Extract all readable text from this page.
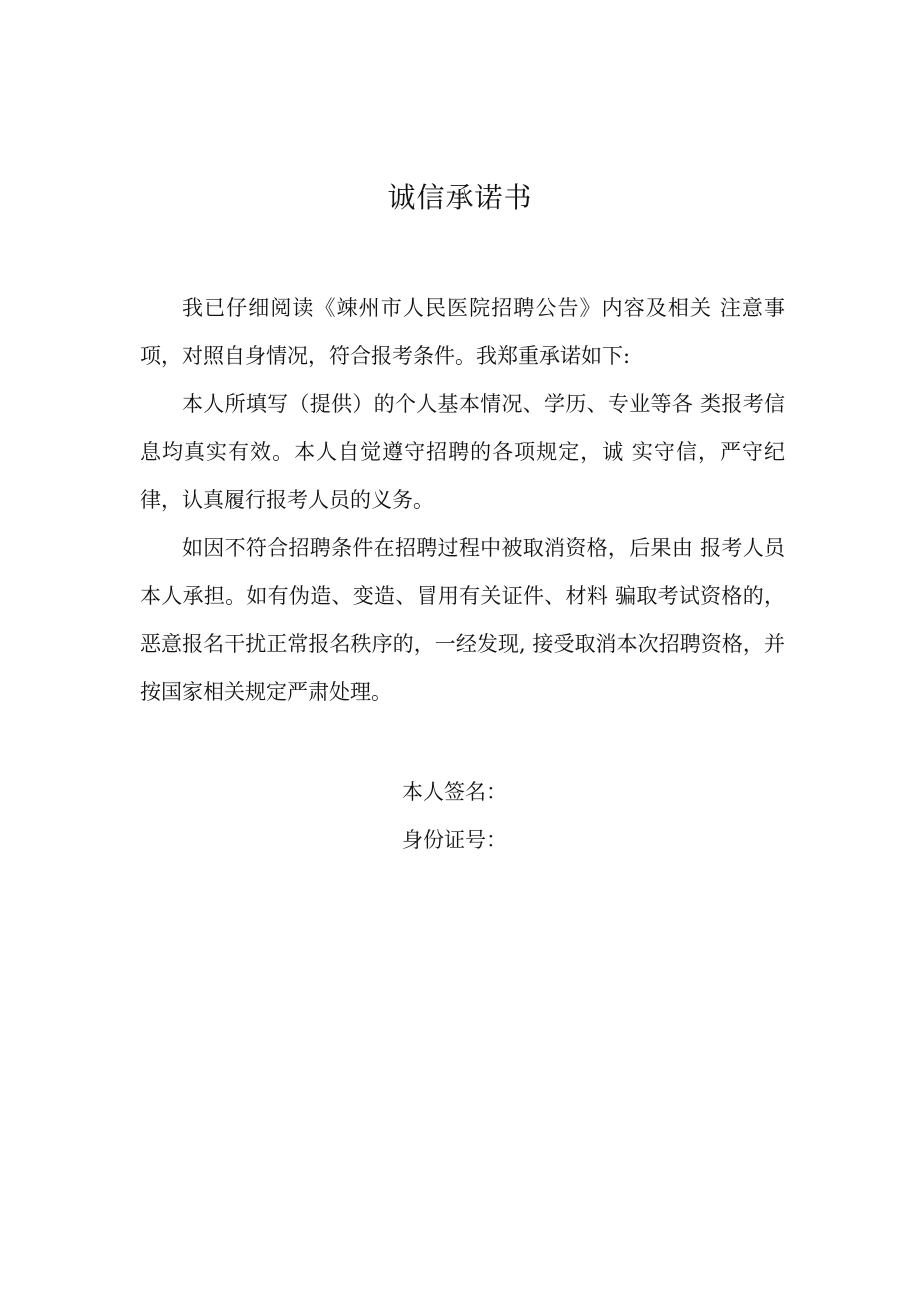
诚信承诺书

我已仔细阅读《竦州市人民医院招聘公告》内容及相关 注意事项，对照自身情况，符合报考条件。我郑重承诺如下:

本人所填写（提供）的个人基本情况、学历、专业等各 类报考信息均真实有效。本人自觉遵守招聘的各项规定，诚 实守信，严守纪律，认真履行报考人员的义务。

如因不符合招聘条件在招聘过程中被取消资格，后果由 报考人员本人承担。如有伪造、变造、冒用有关证件、材料 骗取考试资格的，恶意报名干扰正常报名秩序的，一经发现, 接受取消本次招聘资格，并按国家相关规定严肃处理。

本人签名：
身份证号：
